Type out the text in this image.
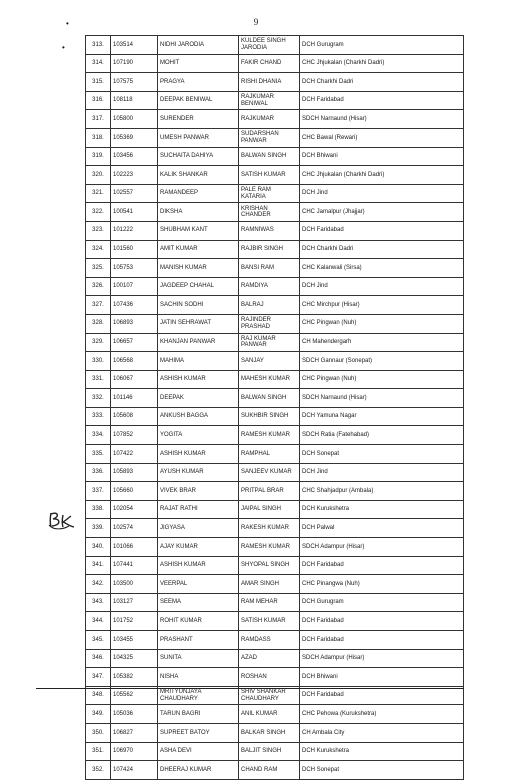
•
•
9
313.	103514	NIDHI JARODIA	KULDEE SINGH JARODIA	DCH Gurugram
314.	107190	MOHIT	FAKIR CHAND	CHC Jhjukalan (Charkhi Dadri)
315.	107575	PRAGYA	RISHI DHANIA	DCH Charkhi Dadri
316.	108118	DEEPAK BENIWAL	RAJKUMAR BENIWAL	DCH Faridabad
317.	105800	SURENDER	RAJKUMAR	SDCH Narnaund (Hisar)
318.	105369	UMESH PANWAR	SUDARSHAN PANWAR	CHC Bawal (Rewari)
319.	103456	SUCHAITA DAHIYA	BALWAN SINGH	DCH Bhiwani
320.	102223	KALIK SHANKAR	SATISH KUMAR	CHC Jhjukalan (Charkhi Dadri)
321.	102557	RAMANDEEP	PALE RAM KATARIA	DCH Jind
322.	100541	DIKSHA	KRISHAN CHANDER	CHC Jamalpur (Jhajjar)
323.	101222	SHUBHAM KANT	RAMNIWAS	DCH Faridabad
324.	101560	AMIT KUMAR	RAJBIR SINGH	DCH Charkhi Dadri
325.	105753	MANISH KUMAR	BANSI RAM	CHC Kalanwali (Sirsa)
326.	100107	JAGDEEP CHAHAL	RAMDIYA	DCH Jind
327.	107436	SACHIN SODHI	BALRAJ	CHC Mirchpur (Hisar)
328.	106893	JATIN SEHRAWAT	RAJINDER PRASHAD	CHC Pingwan (Nuh)
329.	106657	KHANJAN PANWAR	RAJ KUMAR PANWAR	CH Mahendergarh
330.	106568	MAHIMA	SANJAY	SDCH Gannaur (Sonepat)
331.	106067	ASHISH KUMAR	MAHESH KUMAR	CHC Pingwan (Nuh)
332.	101146	DEEPAK	BALWAN SINGH	SDCH Narnaund (Hisar)
333.	105608	ANKUSH BAGGA	SUKHBIR SINGH	DCH Yamuna Nagar
334.	107852	YOGITA	RAMESH KUMAR	SDCH Ratia (Fatehabad)
335.	107422	ASHISH KUMAR	RAMPHAL	DCH Sonepat
336.	105893	AYUSH KUMAR	SANJEEV KUMAR	DCH Jind
337.	105660	VIVEK BRAR	PRITPAL BRAR	CHC Shahjadpur (Ambala)
338.	102054	RAJAT RATHI	JAIPAL SINGH	DCH Kurukshetra
339.	102574	JIGYASA	RAKESH KUMAR	DCH Palwal
340.	101066	AJAY KUMAR	RAMESH KUMAR	SDCH Adampur (Hisar)
341.	107441	ASHISH KUMAR	SHYOPAL SINGH	DCH Faridabad
342.	103500	VEERPAL	AMAR SINGH	CHC Pinangwa (Nuh)
343.	103127	SEEMA	RAM MEHAR	DCH Gurugram
344.	101752	ROHIT KUMAR	SATISH KUMAR	DCH Faridabad
345.	103455	PRASHANT	RAMDASS	DCH Faridabad
346.	104325	SUNITA	AZAD	SDCH Adampur (Hisar)
347.	105382	NISHA	ROSHAN	DCH Bhiwani
348.	105562	MRITYUNJAYA CHAUDHARY	SHIV SHANKAR CHAUDHARY	DCH Faridabad
349.	105036	TARUN BAGRI	ANIL KUMAR	CHC Pehowa (Kurukshetra)
350.	106827	SUPREET BATOY	BALKAR SINGH	CH Ambala City
351.	106970	ASHA DEVI	BALJIT SINGH	DCH Kurukshetra
352.	107424	DHEERAJ KUMAR	CHAND RAM	DCH Sonepat
